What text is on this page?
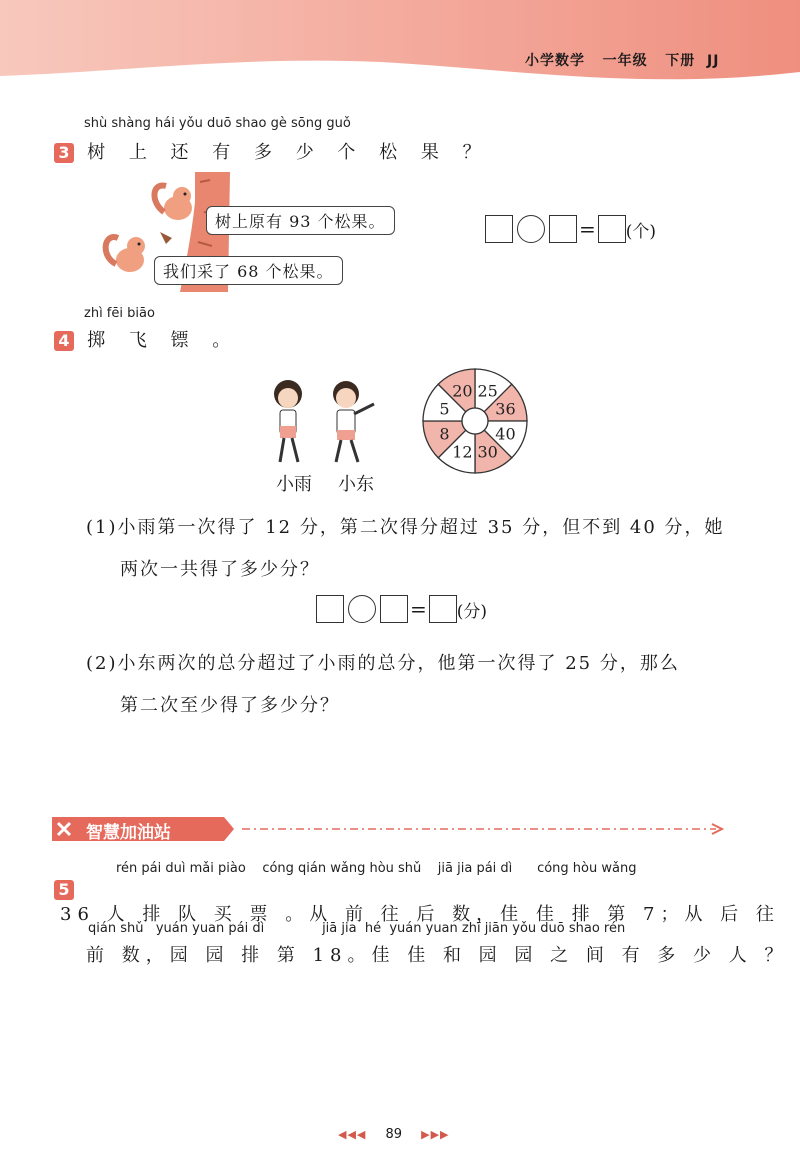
小学数学 一年级 下册 JJ
shù shàng hái yǒu duō shao gè sōng guǒ
3 树 上 还 有 多 少 个 松 果 ？
树上原有 93 个松果。
我们采了 68 个松果。
= (个)
zhì fēi biāo
4 掷 飞 镖 。
小雨 小东
25
36
40
30
12
8
5
20
(1)小雨第一次得了 12 分，第二次得分超过 35 分，但不到 40 分，她
两次一共得了多少分？
= (分)
(2)小东两次的总分超过了小雨的总分，他第一次得了 25 分，那么
第二次至少得了多少分？
智慧加油站
rén pái duì mǎi piào    cóng qián wǎng hòu shǔ    jiā jia pái dì      cóng hòu wǎng
5 36 人 排 队 买 票 。从 前 往 后 数，佳 佳 排 第 7；从 后 往
qián shǔ   yuán yuan pái dì              jiā jia  hé  yuán yuan zhī jiān yǒu duō shao rén
前 数，园 园 排 第 18。佳 佳 和 园 园 之 间 有 多 少 人 ？
◀◀◀ 89 ▶▶▶
